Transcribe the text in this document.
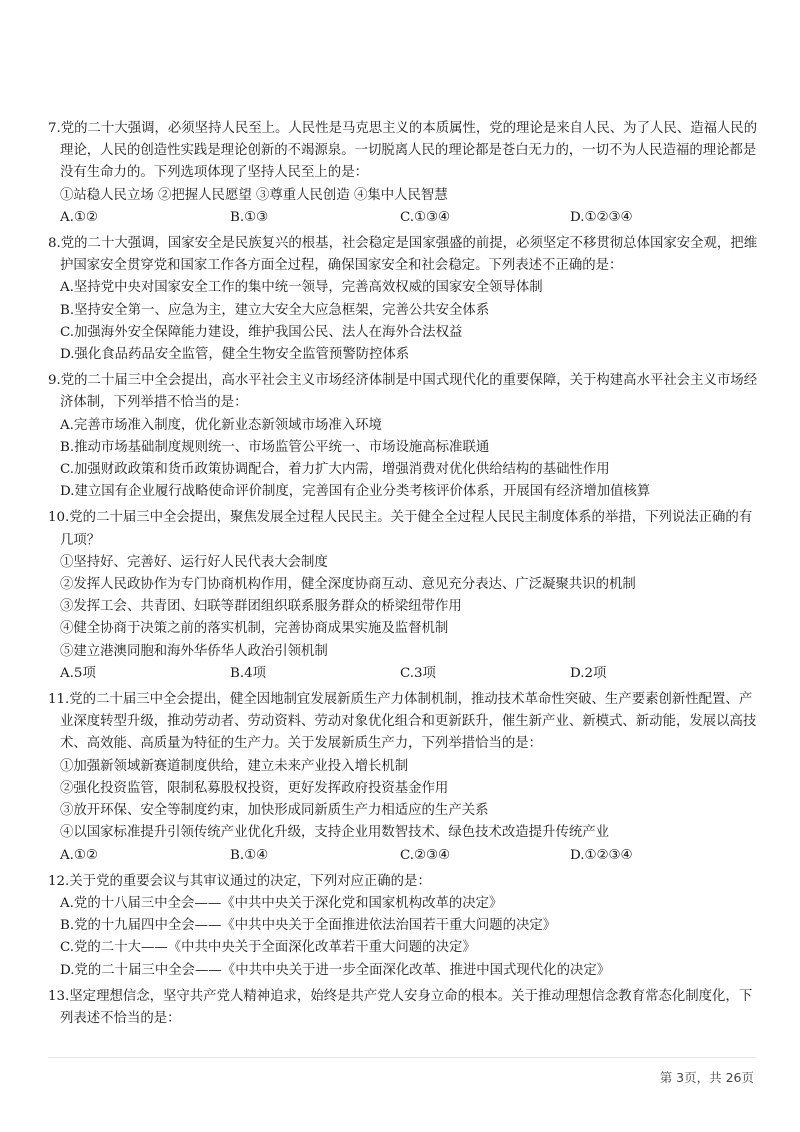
7.党的二十大强调，必须坚持人民至上。人民性是马克思主义的本质属性，党的理论是来自人民、为了人民、造福人民的理论，人民的创造性实践是理论创新的不竭源泉。一切脱离人民的理论都是苍白无力的，一切不为人民造福的理论都是没有生命力的。下列选项体现了坚持人民至上的是：
①站稳人民立场 ②把握人民愿望 ③尊重人民创造 ④集中人民智慧
A.①②	B.①③	C.①③④	D.①②③④
8.党的二十大强调，国家安全是民族复兴的根基，社会稳定是国家强盛的前提，必须坚定不移贯彻总体国家安全观，把维护国家安全贯穿党和国家工作各方面全过程，确保国家安全和社会稳定。下列表述不正确的是：
A.坚持党中央对国家安全工作的集中统一领导，完善高效权威的国家安全领导体制
B.坚持安全第一、应急为主，建立大安全大应急框架，完善公共安全体系
C.加强海外安全保障能力建设，维护我国公民、法人在海外合法权益
D.强化食品药品安全监管，健全生物安全监管预警防控体系
9.党的二十届三中全会提出，高水平社会主义市场经济体制是中国式现代化的重要保障，关于构建高水平社会主义市场经济体制，下列举措不恰当的是：
A.完善市场准入制度，优化新业态新领域市场准入环境
B.推动市场基础制度规则统一、市场监管公平统一、市场设施高标准联通
C.加强财政政策和货币政策协调配合，着力扩大内需，增强消费对优化供给结构的基础性作用
D.建立国有企业履行战略使命评价制度，完善国有企业分类考核评价体系，开展国有经济增加值核算
10.党的二十届三中全会提出，聚焦发展全过程人民民主。关于健全全过程人民民主制度体系的举措，下列说法正确的有几项？
①坚持好、完善好、运行好人民代表大会制度
②发挥人民政协作为专门协商机构作用，健全深度协商互动、意见充分表达、广泛凝聚共识的机制
③发挥工会、共青团、妇联等群团组织联系服务群众的桥梁纽带作用
④健全协商于决策之前的落实机制，完善协商成果实施及监督机制
⑤建立港澳同胞和海外华侨华人政治引领机制
A.5项	B.4项	C.3项	D.2项
11.党的二十届三中全会提出，健全因地制宜发展新质生产力体制机制，推动技术革命性突破、生产要素创新性配置、产业深度转型升级，推动劳动者、劳动资料、劳动对象优化组合和更新跃升，催生新产业、新模式、新动能，发展以高技术、高效能、高质量为特征的生产力。关于发展新质生产力，下列举措恰当的是：
①加强新领域新赛道制度供给，建立未来产业投入增长机制
②强化投资监管，限制私募股权投资，更好发挥政府投资基金作用
③放开环保、安全等制度约束，加快形成同新质生产力相适应的生产关系
④以国家标准提升引领传统产业优化升级，支持企业用数智技术、绿色技术改造提升传统产业
A.①②	B.①④	C.②③④	D.①②③④
12.关于党的重要会议与其审议通过的决定，下列对应正确的是：
A.党的十八届三中全会——《中共中央关于深化党和国家机构改革的决定》
B.党的十九届四中全会——《中共中央关于全面推进依法治国若干重大问题的决定》
C.党的二十大——《中共中央关于全面深化改革若干重大问题的决定》
D.党的二十届三中全会——《中共中央关于进一步全面深化改革、推进中国式现代化的决定》
13.坚定理想信念，坚守共产党人精神追求，始终是共产党人安身立命的根本。关于推动理想信念教育常态化制度化，下列表述不恰当的是：
第 3页，共 26页
